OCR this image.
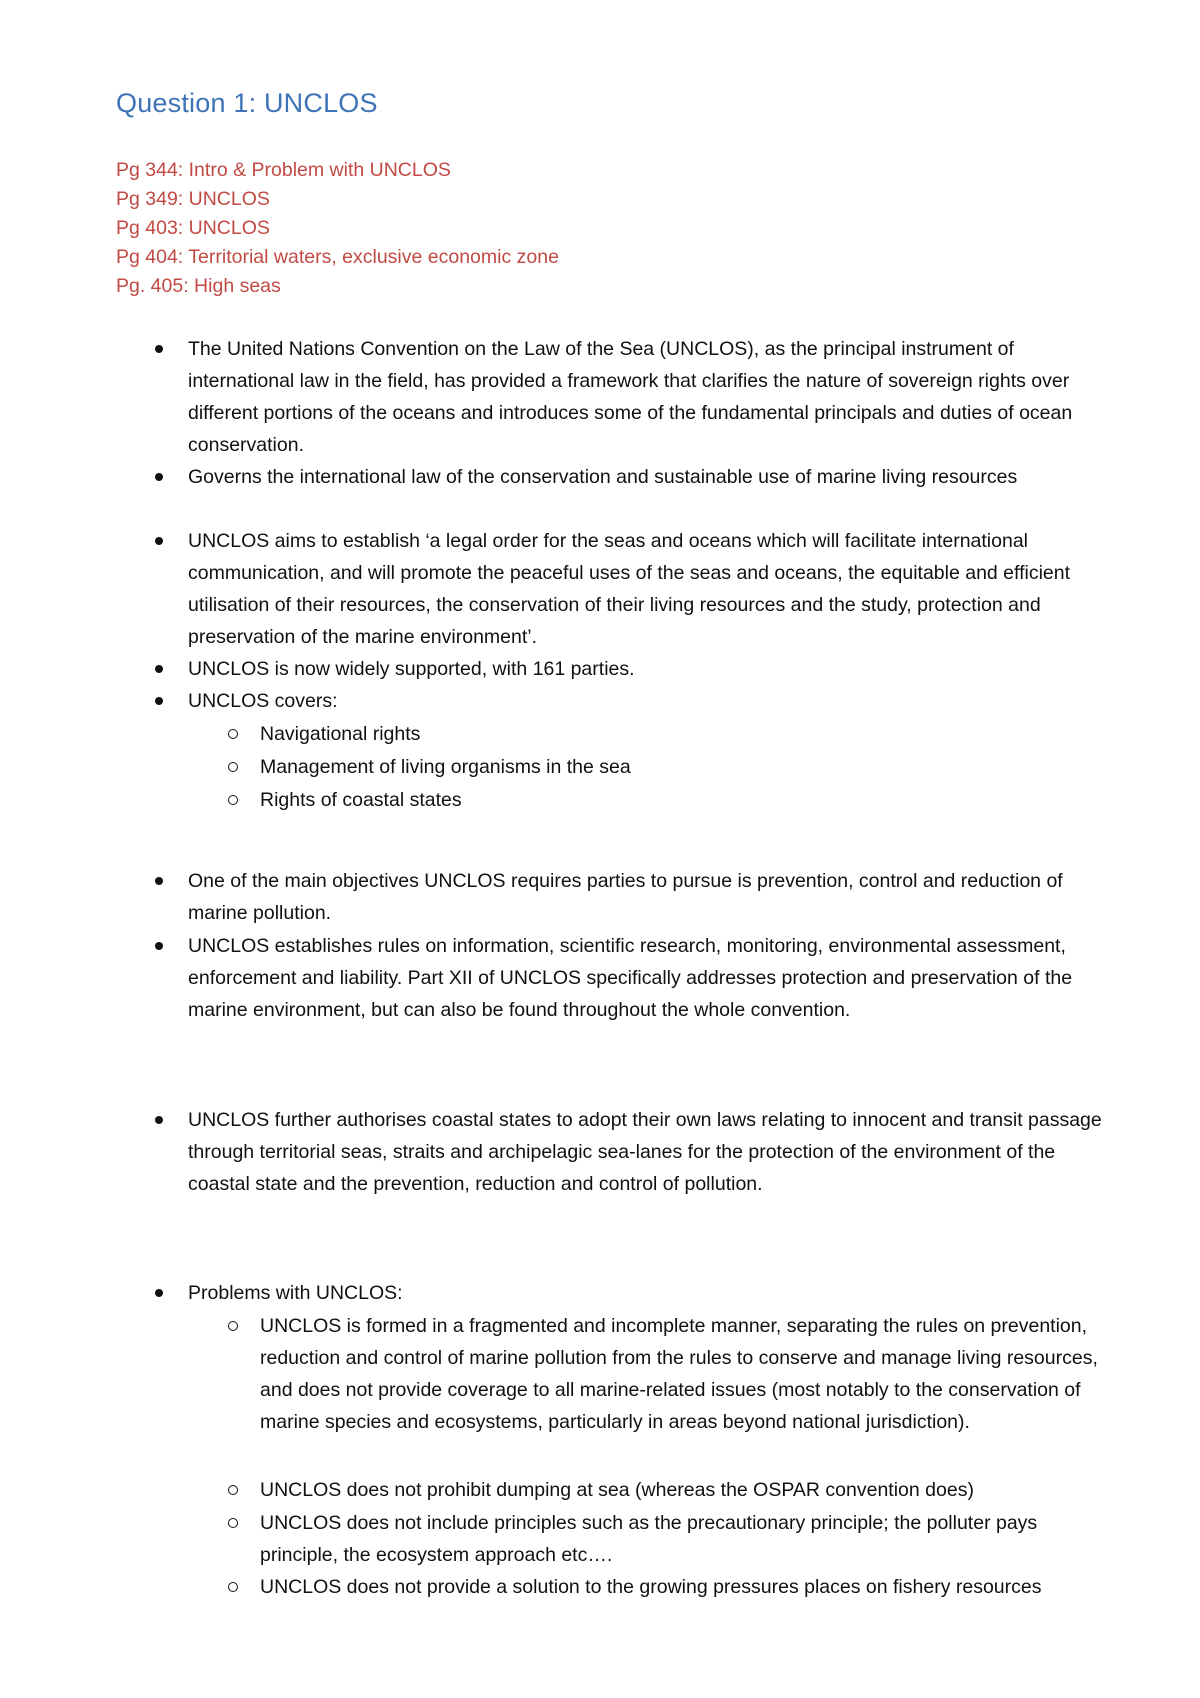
Question 1: UNCLOS
Pg 344: Intro & Problem with UNCLOS
Pg 349: UNCLOS
Pg 403: UNCLOS
Pg 404: Territorial waters, exclusive economic zone
Pg. 405: High seas
The United Nations Convention on the Law of the Sea (UNCLOS), as the principal instrument of international law in the field, has provided a framework that clarifies the nature of sovereign rights over different portions of the oceans and introduces some of the fundamental principals and duties of ocean conservation.
Governs the international law of the conservation and sustainable use of marine living resources
UNCLOS aims to establish ‘a legal order for the seas and oceans which will facilitate international communication, and will promote the peaceful uses of the seas and oceans, the equitable and efficient utilisation of their resources, the conservation of their living resources and the study, protection and preservation of the marine environment’.
UNCLOS is now widely supported, with 161 parties.
UNCLOS covers:
Navigational rights
Management of living organisms in the sea
Rights of coastal states
One of the main objectives UNCLOS requires parties to pursue is prevention, control and reduction of marine pollution.
UNCLOS establishes rules on information, scientific research, monitoring, environmental assessment, enforcement and liability. Part XII of UNCLOS specifically addresses protection and preservation of the marine environment, but can also be found throughout the whole convention.
UNCLOS further authorises coastal states to adopt their own laws relating to innocent and transit passage through territorial seas, straits and archipelagic sea-lanes for the protection of the environment of the coastal state and the prevention, reduction and control of pollution.
Problems with UNCLOS:
UNCLOS is formed in a fragmented and incomplete manner, separating the rules on prevention, reduction and control of marine pollution from the rules to conserve and manage living resources, and does not provide coverage to all marine-related issues (most notably to the conservation of marine species and ecosystems, particularly in areas beyond national jurisdiction).
UNCLOS does not prohibit dumping at sea (whereas the OSPAR convention does)
UNCLOS does not include principles such as the precautionary principle; the polluter pays principle, the ecosystem approach etc….
UNCLOS does not provide a solution to the growing pressures places on fishery resources
